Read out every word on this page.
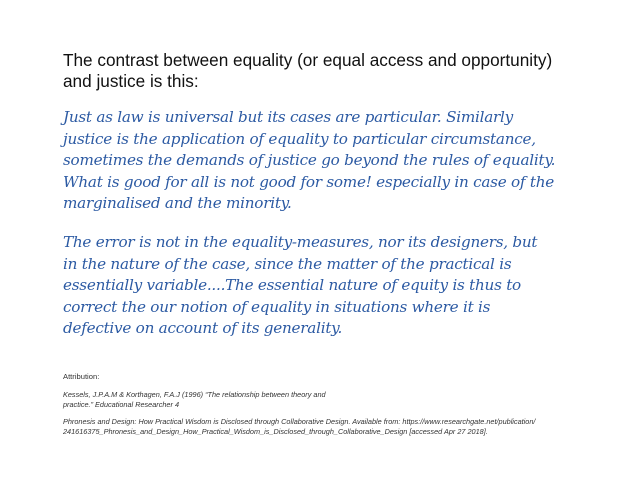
The contrast between equality (or equal access and opportunity)
and justice is this:

Just as law is universal but its cases are particular. Similarly
justice is the application of equality to particular circumstance,
sometimes the demands of justice go beyond the rules of equality.
What is good for all is not good for some! especially in case of the
marginalised and the minority.

The error is not in the equality-measures, nor its designers, but
in the nature of the case, since the matter of the practical is
essentially variable....The essential nature of equity is thus to
correct the our notion of equality in situations where it is
defective on account of its generality.

Attribution:

Kessels, J.P.A.M & Korthagen, F.A.J (1996) “The relationship between theory and
practice.” Educational Researcher 4

Phronesis and Design: How Practical Wisdom is Disclosed through Collaborative Design. Available from: https://www.researchgate.net/publication/
241616375_Phronesis_and_Design_How_Practical_Wisdom_is_Disclosed_through_Collaborative_Design [accessed Apr 27 2018].
